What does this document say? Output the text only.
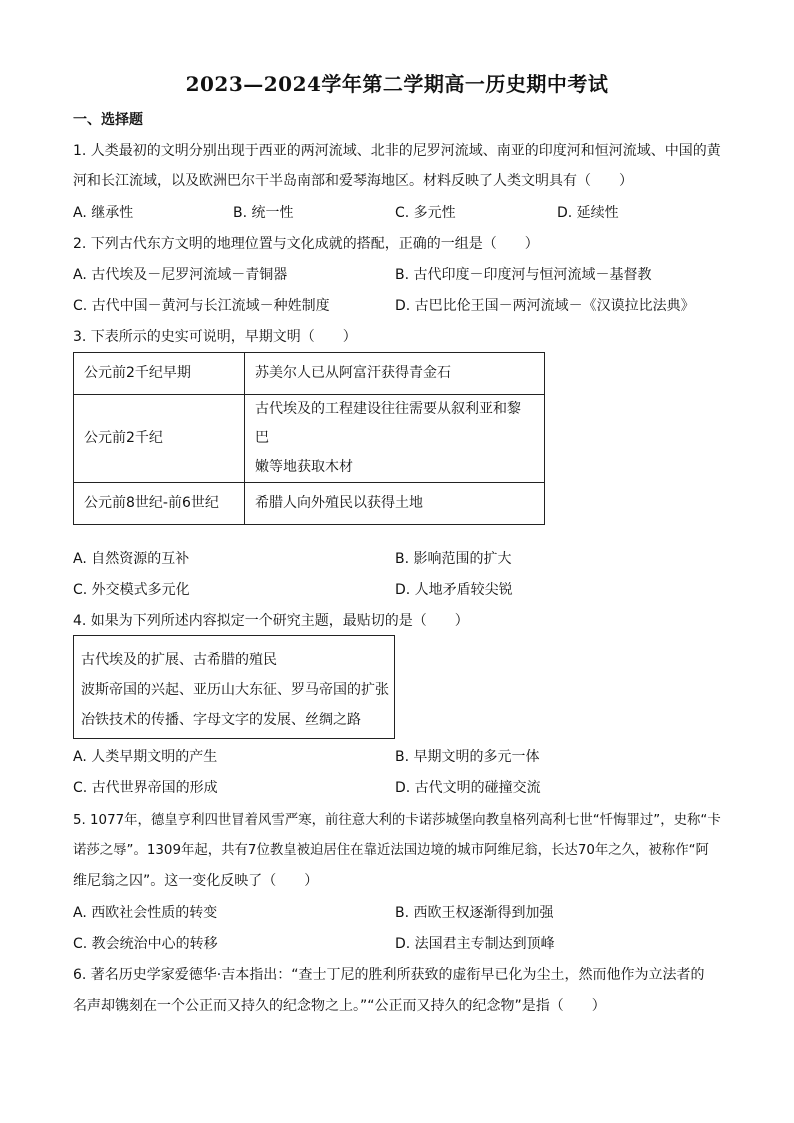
2023—2024学年第二学期高一历史期中考试
一、选择题
1. 人类最初的文明分别出现于西亚的两河流域、北非的尼罗河流域、南亚的印度河和恒河流域、中国的黄
河和长江流域，以及欧洲巴尔干半岛南部和爱琴海地区。材料反映了人类文明具有（　　）
A. 继承性	B. 统一性	C. 多元性	D. 延续性
2. 下列古代东方文明的地理位置与文化成就的搭配，正确的一组是（　　）
A. 古代埃及－尼罗河流域－青铜器	B. 古代印度－印度河与恒河流域－基督教
C. 古代中国－黄河与长江流域－种姓制度	D. 古巴比伦王国－两河流域－《汉谟拉比法典》
3. 下表所示的史实可说明，早期文明（　　）
公元前2千纪早期	苏美尔人已从阿富汗获得青金石
公元前2千纪	古代埃及的工程建设往往需要从叙利亚和黎巴
嫩等地获取木材

公元前8世纪-前6世纪	希腊人向外殖民以获得土地
A. 自然资源的互补	B. 影响范围的扩大
C. 外交模式多元化	D. 人地矛盾较尖锐
4. 如果为下列所述内容拟定一个研究主题，最贴切的是（　　）
古代埃及的扩展、古希腊的殖民
波斯帝国的兴起、亚历山大东征、罗马帝国的扩张
冶铁技术的传播、字母文字的发展、丝绸之路
A. 人类早期文明的产生	B. 早期文明的多元一体
C. 古代世界帝国的形成	D. 古代文明的碰撞交流
5. 1077年，德皇亨利四世冒着风雪严寒，前往意大利的卡诺莎城堡向教皇格列高利七世“忏悔罪过”，史称“卡
诺莎之辱”。1309年起，共有7位教皇被迫居住在靠近法国边境的城市阿维尼翁，长达70年之久，被称作“阿
维尼翁之囚”。这一变化反映了（　　）
A. 西欧社会性质的转变	B. 西欧王权逐渐得到加强
C. 教会统治中心的转移	D. 法国君主专制达到顶峰
6. 著名历史学家爱德华·吉本指出：“查士丁尼的胜利所获致的虚衔早已化为尘土，然而他作为立法者的
名声却镌刻在一个公正而又持久的纪念物之上。”“公正而又持久的纪念物”是指（　　）
